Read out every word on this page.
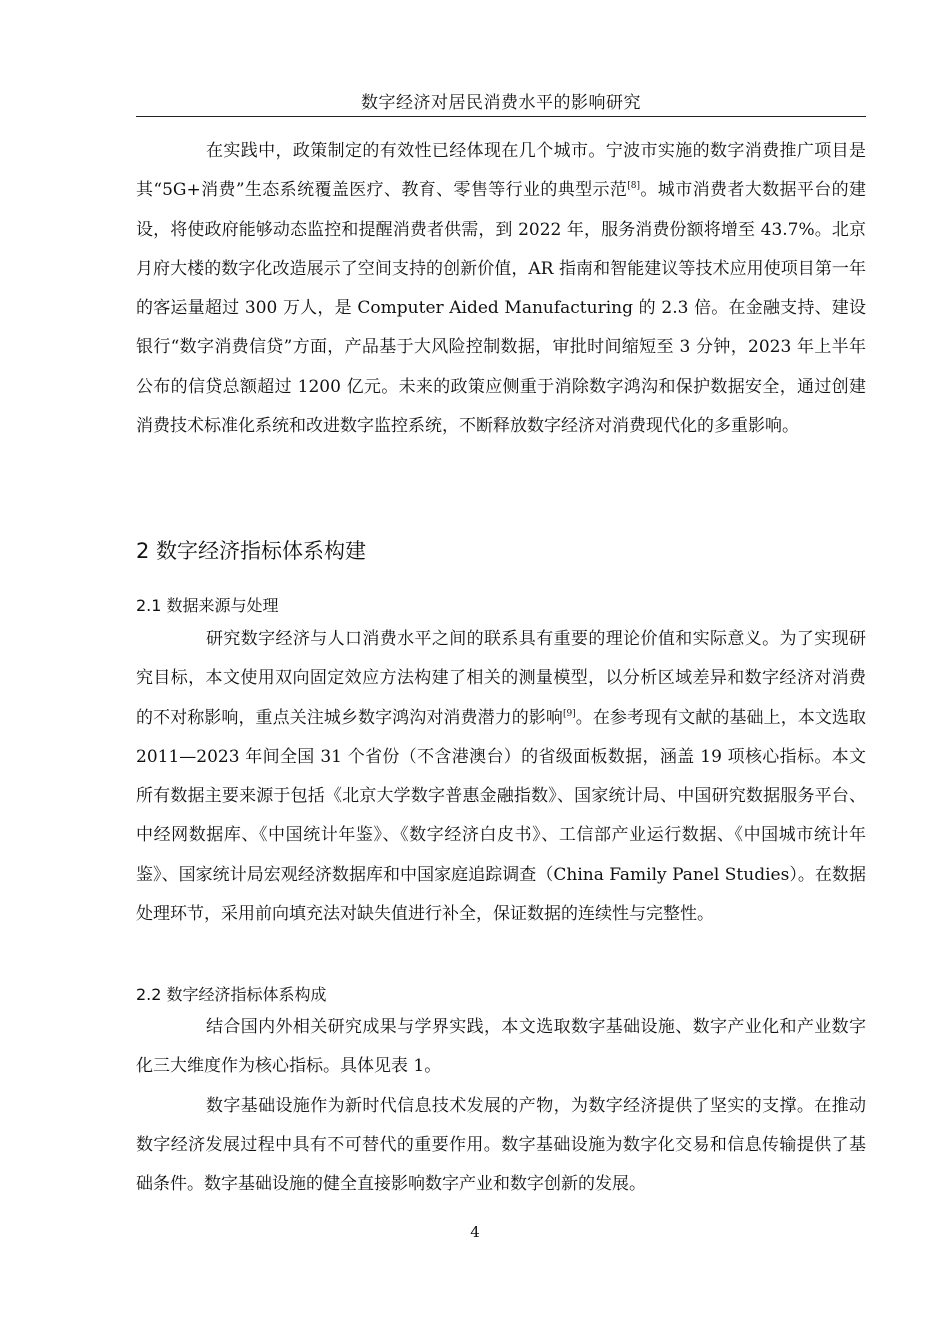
数字经济对居民消费水平的影响研究

在实践中，政策制定的有效性已经体现在几个城市。宁波市实施的数字消费推广项目是其“5G+消费”生态系统覆盖医疗、教育、零售等行业的典型示范[8]。城市消费者大数据平台的建设，将使政府能够动态监控和提醒消费者供需，到 2022 年，服务消费份额将增至 43.7%。北京月府大楼的数字化改造展示了空间支持的创新价值，AR 指南和智能建议等技术应用使项目第一年的客运量超过 300 万人，是 Computer Aided Manufacturing 的 2.3 倍。在金融支持、建设银行“数字消费信贷”方面，产品基于大风险控制数据，审批时间缩短至 3 分钟，2023 年上半年公布的信贷总额超过 1200 亿元。未来的政策应侧重于消除数字鸿沟和保护数据安全，通过创建消费技术标准化系统和改进数字监控系统，不断释放数字经济对消费现代化的多重影响。

2 数字经济指标体系构建
2.1 数据来源与处理

研究数字经济与人口消费水平之间的联系具有重要的理论价值和实际意义。为了实现研究目标，本文使用双向固定效应方法构建了相关的测量模型，以分析区域差异和数字经济对消费的不对称影响，重点关注城乡数字鸿沟对消费潜力的影响[9]。在参考现有文献的基础上，本文选取 2011—2023 年间全国 31 个省份（不含港澳台）的省级面板数据，涵盖 19 项核心指标。本文所有数据主要来源于包括《北京大学数字普惠金融指数》、国家统计局、中国研究数据服务平台、中经网数据库、《中国统计年鉴》、《数字经济白皮书》、工信部产业运行数据、《中国城市统计年鉴》、国家统计局宏观经济数据库和中国家庭追踪调查（China Family Panel Studies）。在数据处理环节，采用前向填充法对缺失值进行补全，保证数据的连续性与完整性。

2.2 数字经济指标体系构成

结合国内外相关研究成果与学界实践，本文选取数字基础设施、数字产业化和产业数字化三大维度作为核心指标。具体见表 1。

数字基础设施作为新时代信息技术发展的产物，为数字经济提供了坚实的支撑。在推动数字经济发展过程中具有不可替代的重要作用。数字基础设施为数字化交易和信息传输提供了基础条件。数字基础设施的健全直接影响数字产业和数字创新的发展。

4
